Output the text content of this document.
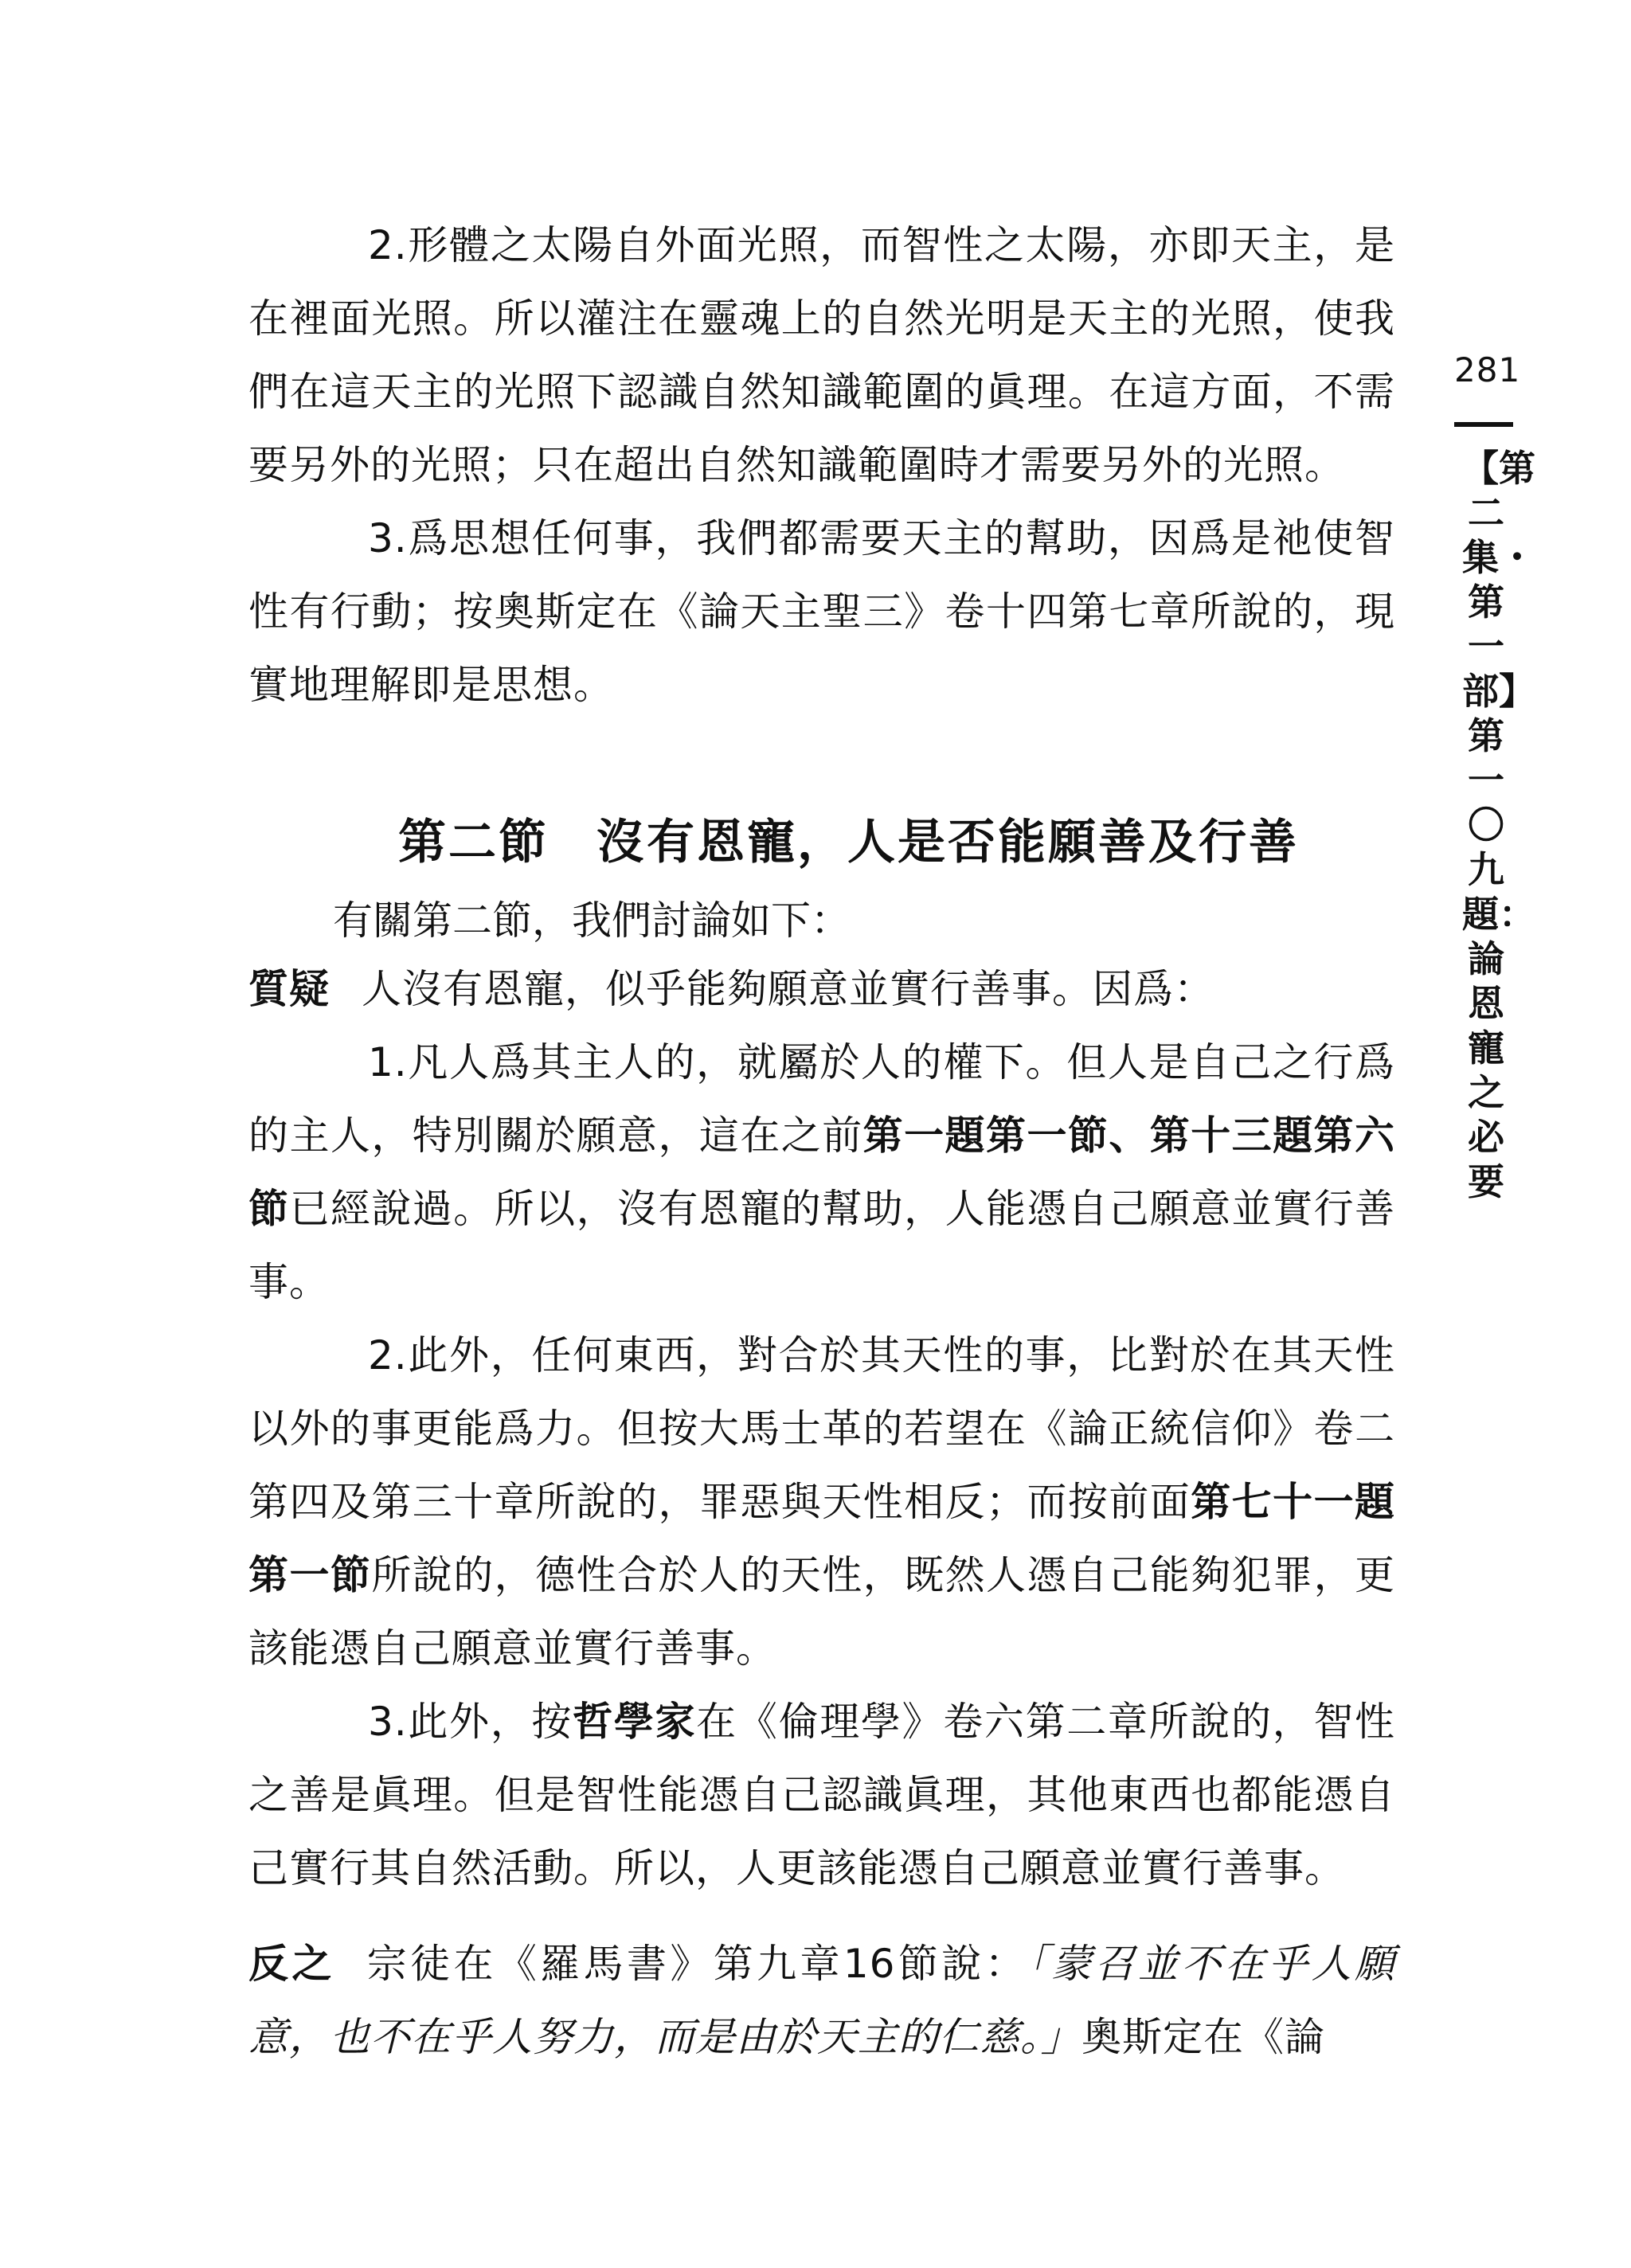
2.形體之太陽自外面光照，而智性之太陽，亦即天主，是在裡面光照。所以灌注在靈魂上的自然光明是天主的光照，使我們在這天主的光照下認識自然知識範圍的眞理。在這方面，不需要另外的光照；只在超出自然知識範圍時才需要另外的光照。

3.爲思想任何事，我們都需要天主的幫助，因爲是祂使智性有行動；按奧斯定在《論天主聖三》卷十四第七章所說的，現實地理解即是思想。

第二節 沒有恩寵，人是否能願善及行善
有關第二節，我們討論如下：

質疑 人沒有恩寵，似乎能夠願意並實行善事。因爲：

1.凡人爲其主人的，就屬於人的權下。但人是自己之行爲的主人，特別關於願意，這在之前第一題第一節、第十三題第六節已經說過。所以，沒有恩寵的幫助，人能憑自己願意並實行善事。

2.此外，任何東西，對合於其天性的事，比對於在其天性以外的事更能爲力。但按大馬士革的若望在《論正統信仰》卷二第四及第三十章所說的，罪惡與天性相反；而按前面第七十一題第一節所說的，德性合於人的天性，既然人憑自己能夠犯罪，更該能憑自己願意並實行善事。

3.此外，按哲學家在《倫理學》卷六第二章所說的，智性之善是眞理。但是智性能憑自己認識眞理，其他東西也都能憑自己實行其自然活動。所以，人更該能憑自己願意並實行善事。

反之 宗徒在《羅馬書》第九章16節說：「蒙召並不在乎人願意，也不在乎人努力，而是由於天主的仁慈。」奧斯定在《論

281
【第二集・第一部】第一〇九題：論恩寵之必要
